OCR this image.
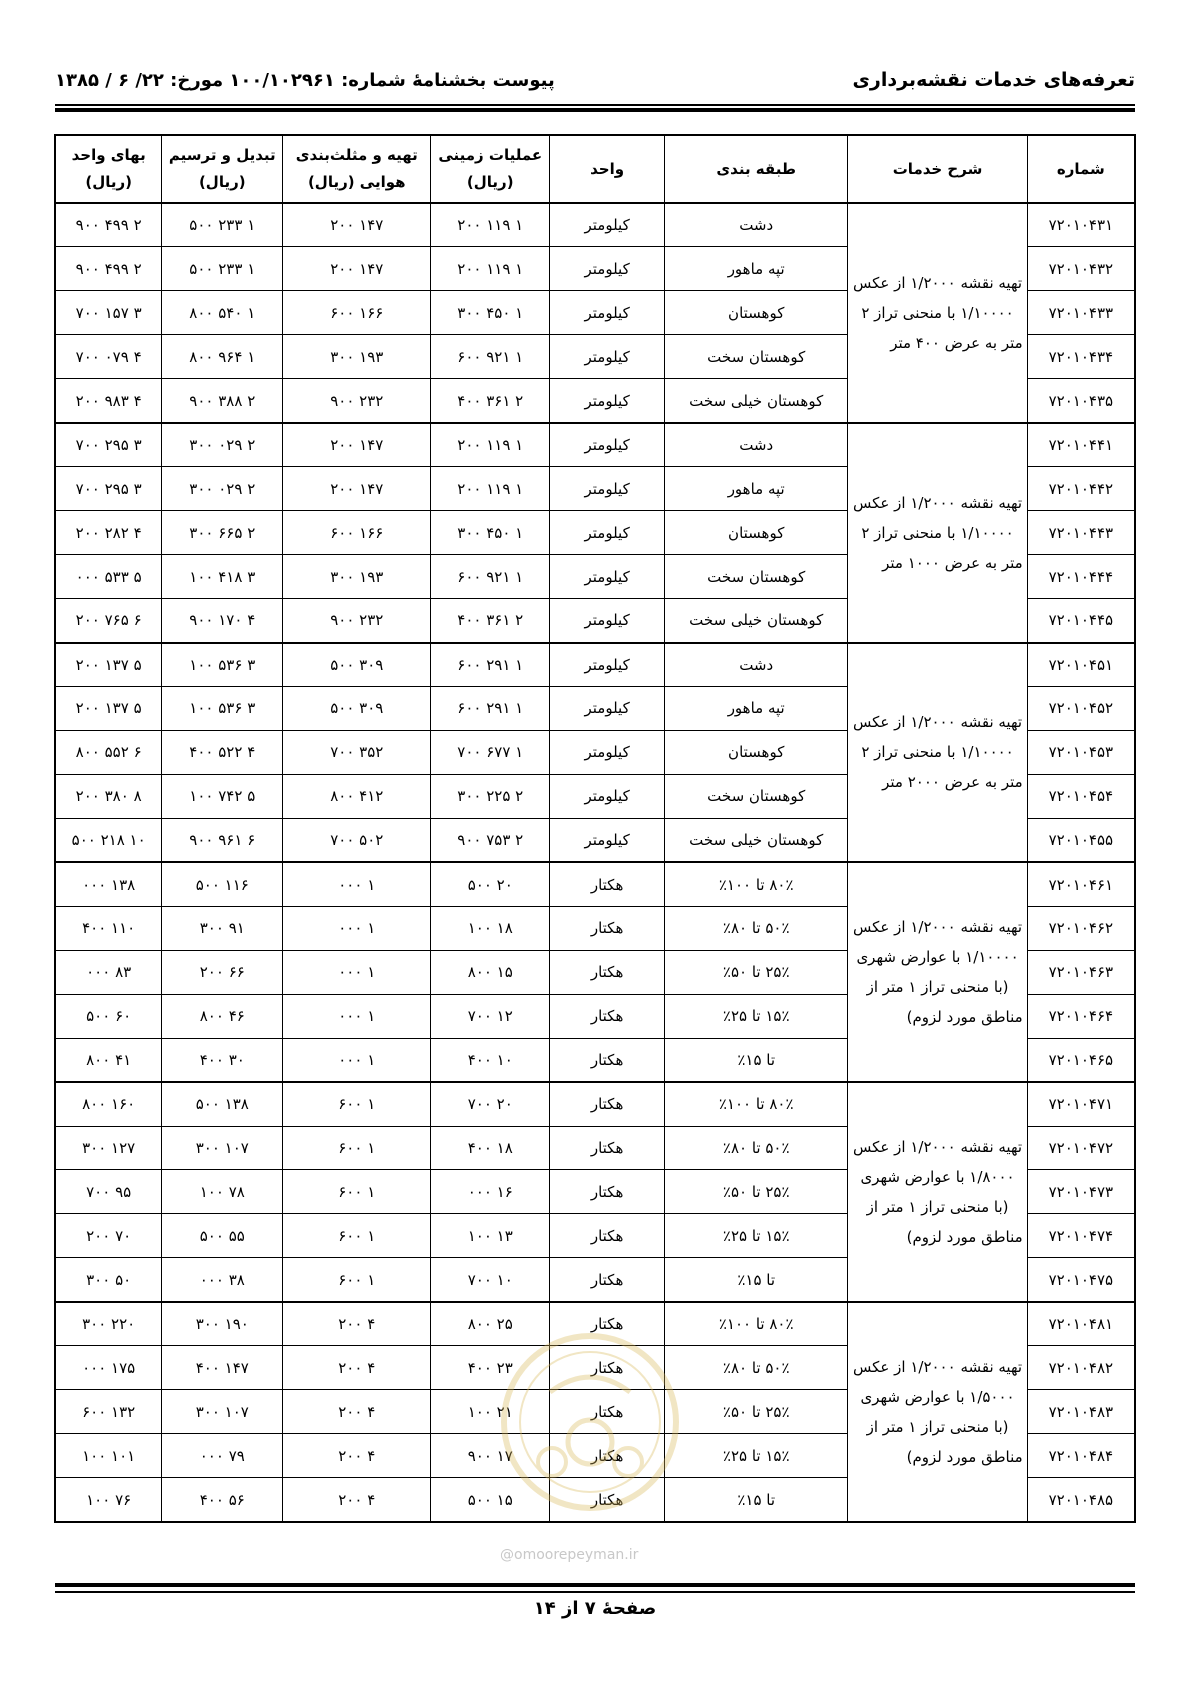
تعرفه‌های خدمات نقشه‌برداری
پیوست بخشنامهٔ شماره: ۱۰۰/۱۰۲۹۶۱ مورخ: ۲۲/ ۶ / ۱۳۸۵
شماره	شرح خدمات	طبقه بندی	واحد	عملیات زمینی (ریال)	تهیه و مثلث‌بندی هوایی (ریال)	تبدیل و ترسیم (ریال)	بهای واحد (ریال)
۷۲۰۱۰۴۳۱	تهیه نقشه ۱/۲۰۰۰ از عکس ۱/۱۰۰۰۰ با منحنی تراز ۲ متر به عرض ۴۰۰ متر	دشت	کیلومتر	۱ ۱۱۹ ۲۰۰	۱۴۷ ۲۰۰	۱ ۲۳۳ ۵۰۰	۲ ۴۹۹ ۹۰۰
۷۲۰۱۰۴۳۲		تپه ماهور	کیلومتر	۱ ۱۱۹ ۲۰۰	۱۴۷ ۲۰۰	۱ ۲۳۳ ۵۰۰	۲ ۴۹۹ ۹۰۰
۷۲۰۱۰۴۳۳		کوهستان	کیلومتر	۱ ۴۵۰ ۳۰۰	۱۶۶ ۶۰۰	۱ ۵۴۰ ۸۰۰	۳ ۱۵۷ ۷۰۰
۷۲۰۱۰۴۳۴		کوهستان سخت	کیلومتر	۱ ۹۲۱ ۶۰۰	۱۹۳ ۳۰۰	۱ ۹۶۴ ۸۰۰	۴ ۰۷۹ ۷۰۰
۷۲۰۱۰۴۳۵		کوهستان خیلی سخت	کیلومتر	۲ ۳۶۱ ۴۰۰	۲۳۲ ۹۰۰	۲ ۳۸۸ ۹۰۰	۴ ۹۸۳ ۲۰۰
۷۲۰۱۰۴۴۱	تهیه نقشه ۱/۲۰۰۰ از عکس ۱/۱۰۰۰۰ با منحنی تراز ۲ متر به عرض ۱۰۰۰ متر	دشت	کیلومتر	۱ ۱۱۹ ۲۰۰	۱۴۷ ۲۰۰	۲ ۰۲۹ ۳۰۰	۳ ۲۹۵ ۷۰۰
۷۲۰۱۰۴۴۲		تپه ماهور	کیلومتر	۱ ۱۱۹ ۲۰۰	۱۴۷ ۲۰۰	۲ ۰۲۹ ۳۰۰	۳ ۲۹۵ ۷۰۰
۷۲۰۱۰۴۴۳		کوهستان	کیلومتر	۱ ۴۵۰ ۳۰۰	۱۶۶ ۶۰۰	۲ ۶۶۵ ۳۰۰	۴ ۲۸۲ ۲۰۰
۷۲۰۱۰۴۴۴		کوهستان سخت	کیلومتر	۱ ۹۲۱ ۶۰۰	۱۹۳ ۳۰۰	۳ ۴۱۸ ۱۰۰	۵ ۵۳۳ ۰۰۰
۷۲۰۱۰۴۴۵		کوهستان خیلی سخت	کیلومتر	۲ ۳۶۱ ۴۰۰	۲۳۲ ۹۰۰	۴ ۱۷۰ ۹۰۰	۶ ۷۶۵ ۲۰۰
۷۲۰۱۰۴۵۱	تهیه نقشه ۱/۲۰۰۰ از عکس ۱/۱۰۰۰۰ با منحنی تراز ۲ متر به عرض ۲۰۰۰ متر	دشت	کیلومتر	۱ ۲۹۱ ۶۰۰	۳۰۹ ۵۰۰	۳ ۵۳۶ ۱۰۰	۵ ۱۳۷ ۲۰۰
۷۲۰۱۰۴۵۲		تپه ماهور	کیلومتر	۱ ۲۹۱ ۶۰۰	۳۰۹ ۵۰۰	۳ ۵۳۶ ۱۰۰	۵ ۱۳۷ ۲۰۰
۷۲۰۱۰۴۵۳		کوهستان	کیلومتر	۱ ۶۷۷ ۷۰۰	۳۵۲ ۷۰۰	۴ ۵۲۲ ۴۰۰	۶ ۵۵۲ ۸۰۰
۷۲۰۱۰۴۵۴		کوهستان سخت	کیلومتر	۲ ۲۲۵ ۳۰۰	۴۱۲ ۸۰۰	۵ ۷۴۲ ۱۰۰	۸ ۳۸۰ ۲۰۰
۷۲۰۱۰۴۵۵		کوهستان خیلی سخت	کیلومتر	۲ ۷۵۳ ۹۰۰	۵۰۲ ۷۰۰	۶ ۹۶۱ ۹۰۰	۱۰ ۲۱۸ ۵۰۰
۷۲۰۱۰۴۶۱	تهیه نقشه ۱/۲۰۰۰ از عکس ۱/۱۰۰۰۰ با عوارض شهری (با منحنی تراز ۱ متر از مناطق مورد لزوم)	۸۰٪ تا ۱۰۰٪	هکتار	۲۰ ۵۰۰	۱ ۰۰۰	۱۱۶ ۵۰۰	۱۳۸ ۰۰۰
۷۲۰۱۰۴۶۲		۵۰٪ تا ۸۰٪	هکتار	۱۸ ۱۰۰	۱ ۰۰۰	۹۱ ۳۰۰	۱۱۰ ۴۰۰
۷۲۰۱۰۴۶۳		۲۵٪ تا ۵۰٪	هکتار	۱۵ ۸۰۰	۱ ۰۰۰	۶۶ ۲۰۰	۸۳ ۰۰۰
۷۲۰۱۰۴۶۴		۱۵٪ تا ۲۵٪	هکتار	۱۲ ۷۰۰	۱ ۰۰۰	۴۶ ۸۰۰	۶۰ ۵۰۰
۷۲۰۱۰۴۶۵		تا ۱۵٪	هکتار	۱۰ ۴۰۰	۱ ۰۰۰	۳۰ ۴۰۰	۴۱ ۸۰۰
۷۲۰۱۰۴۷۱	تهیه نقشه ۱/۲۰۰۰ از عکس ۱/۸۰۰۰ با عوارض شهری (با منحنی تراز ۱ متر از مناطق مورد لزوم)	۸۰٪ تا ۱۰۰٪	هکتار	۲۰ ۷۰۰	۱ ۶۰۰	۱۳۸ ۵۰۰	۱۶۰ ۸۰۰
۷۲۰۱۰۴۷۲		۵۰٪ تا ۸۰٪	هکتار	۱۸ ۴۰۰	۱ ۶۰۰	۱۰۷ ۳۰۰	۱۲۷ ۳۰۰
۷۲۰۱۰۴۷۳		۲۵٪ تا ۵۰٪	هکتار	۱۶ ۰۰۰	۱ ۶۰۰	۷۸ ۱۰۰	۹۵ ۷۰۰
۷۲۰۱۰۴۷۴		۱۵٪ تا ۲۵٪	هکتار	۱۳ ۱۰۰	۱ ۶۰۰	۵۵ ۵۰۰	۷۰ ۲۰۰
۷۲۰۱۰۴۷۵		تا ۱۵٪	هکتار	۱۰ ۷۰۰	۱ ۶۰۰	۳۸ ۰۰۰	۵۰ ۳۰۰
۷۲۰۱۰۴۸۱	تهیه نقشه ۱/۲۰۰۰ از عکس ۱/۵۰۰۰ با عوارض شهری (با منحنی تراز ۱ متر از مناطق مورد لزوم)	۸۰٪ تا ۱۰۰٪	هکتار	۲۵ ۸۰۰	۴ ۲۰۰	۱۹۰ ۳۰۰	۲۲۰ ۳۰۰
۷۲۰۱۰۴۸۲		۵۰٪ تا ۸۰٪	هکتار	۲۳ ۴۰۰	۴ ۲۰۰	۱۴۷ ۴۰۰	۱۷۵ ۰۰۰
۷۲۰۱۰۴۸۳		۲۵٪ تا ۵۰٪	هکتار	۲۱ ۱۰۰	۴ ۲۰۰	۱۰۷ ۳۰۰	۱۳۲ ۶۰۰
۷۲۰۱۰۴۸۴		۱۵٪ تا ۲۵٪	هکتار	۱۷ ۹۰۰	۴ ۲۰۰	۷۹ ۰۰۰	۱۰۱ ۱۰۰
۷۲۰۱۰۴۸۵		تا ۱۵٪	هکتار	۱۵ ۵۰۰	۴ ۲۰۰	۵۶ ۴۰۰	۷۶ ۱۰۰
@omoorepeyman.ir
صفحهٔ ۷ از ۱۴
